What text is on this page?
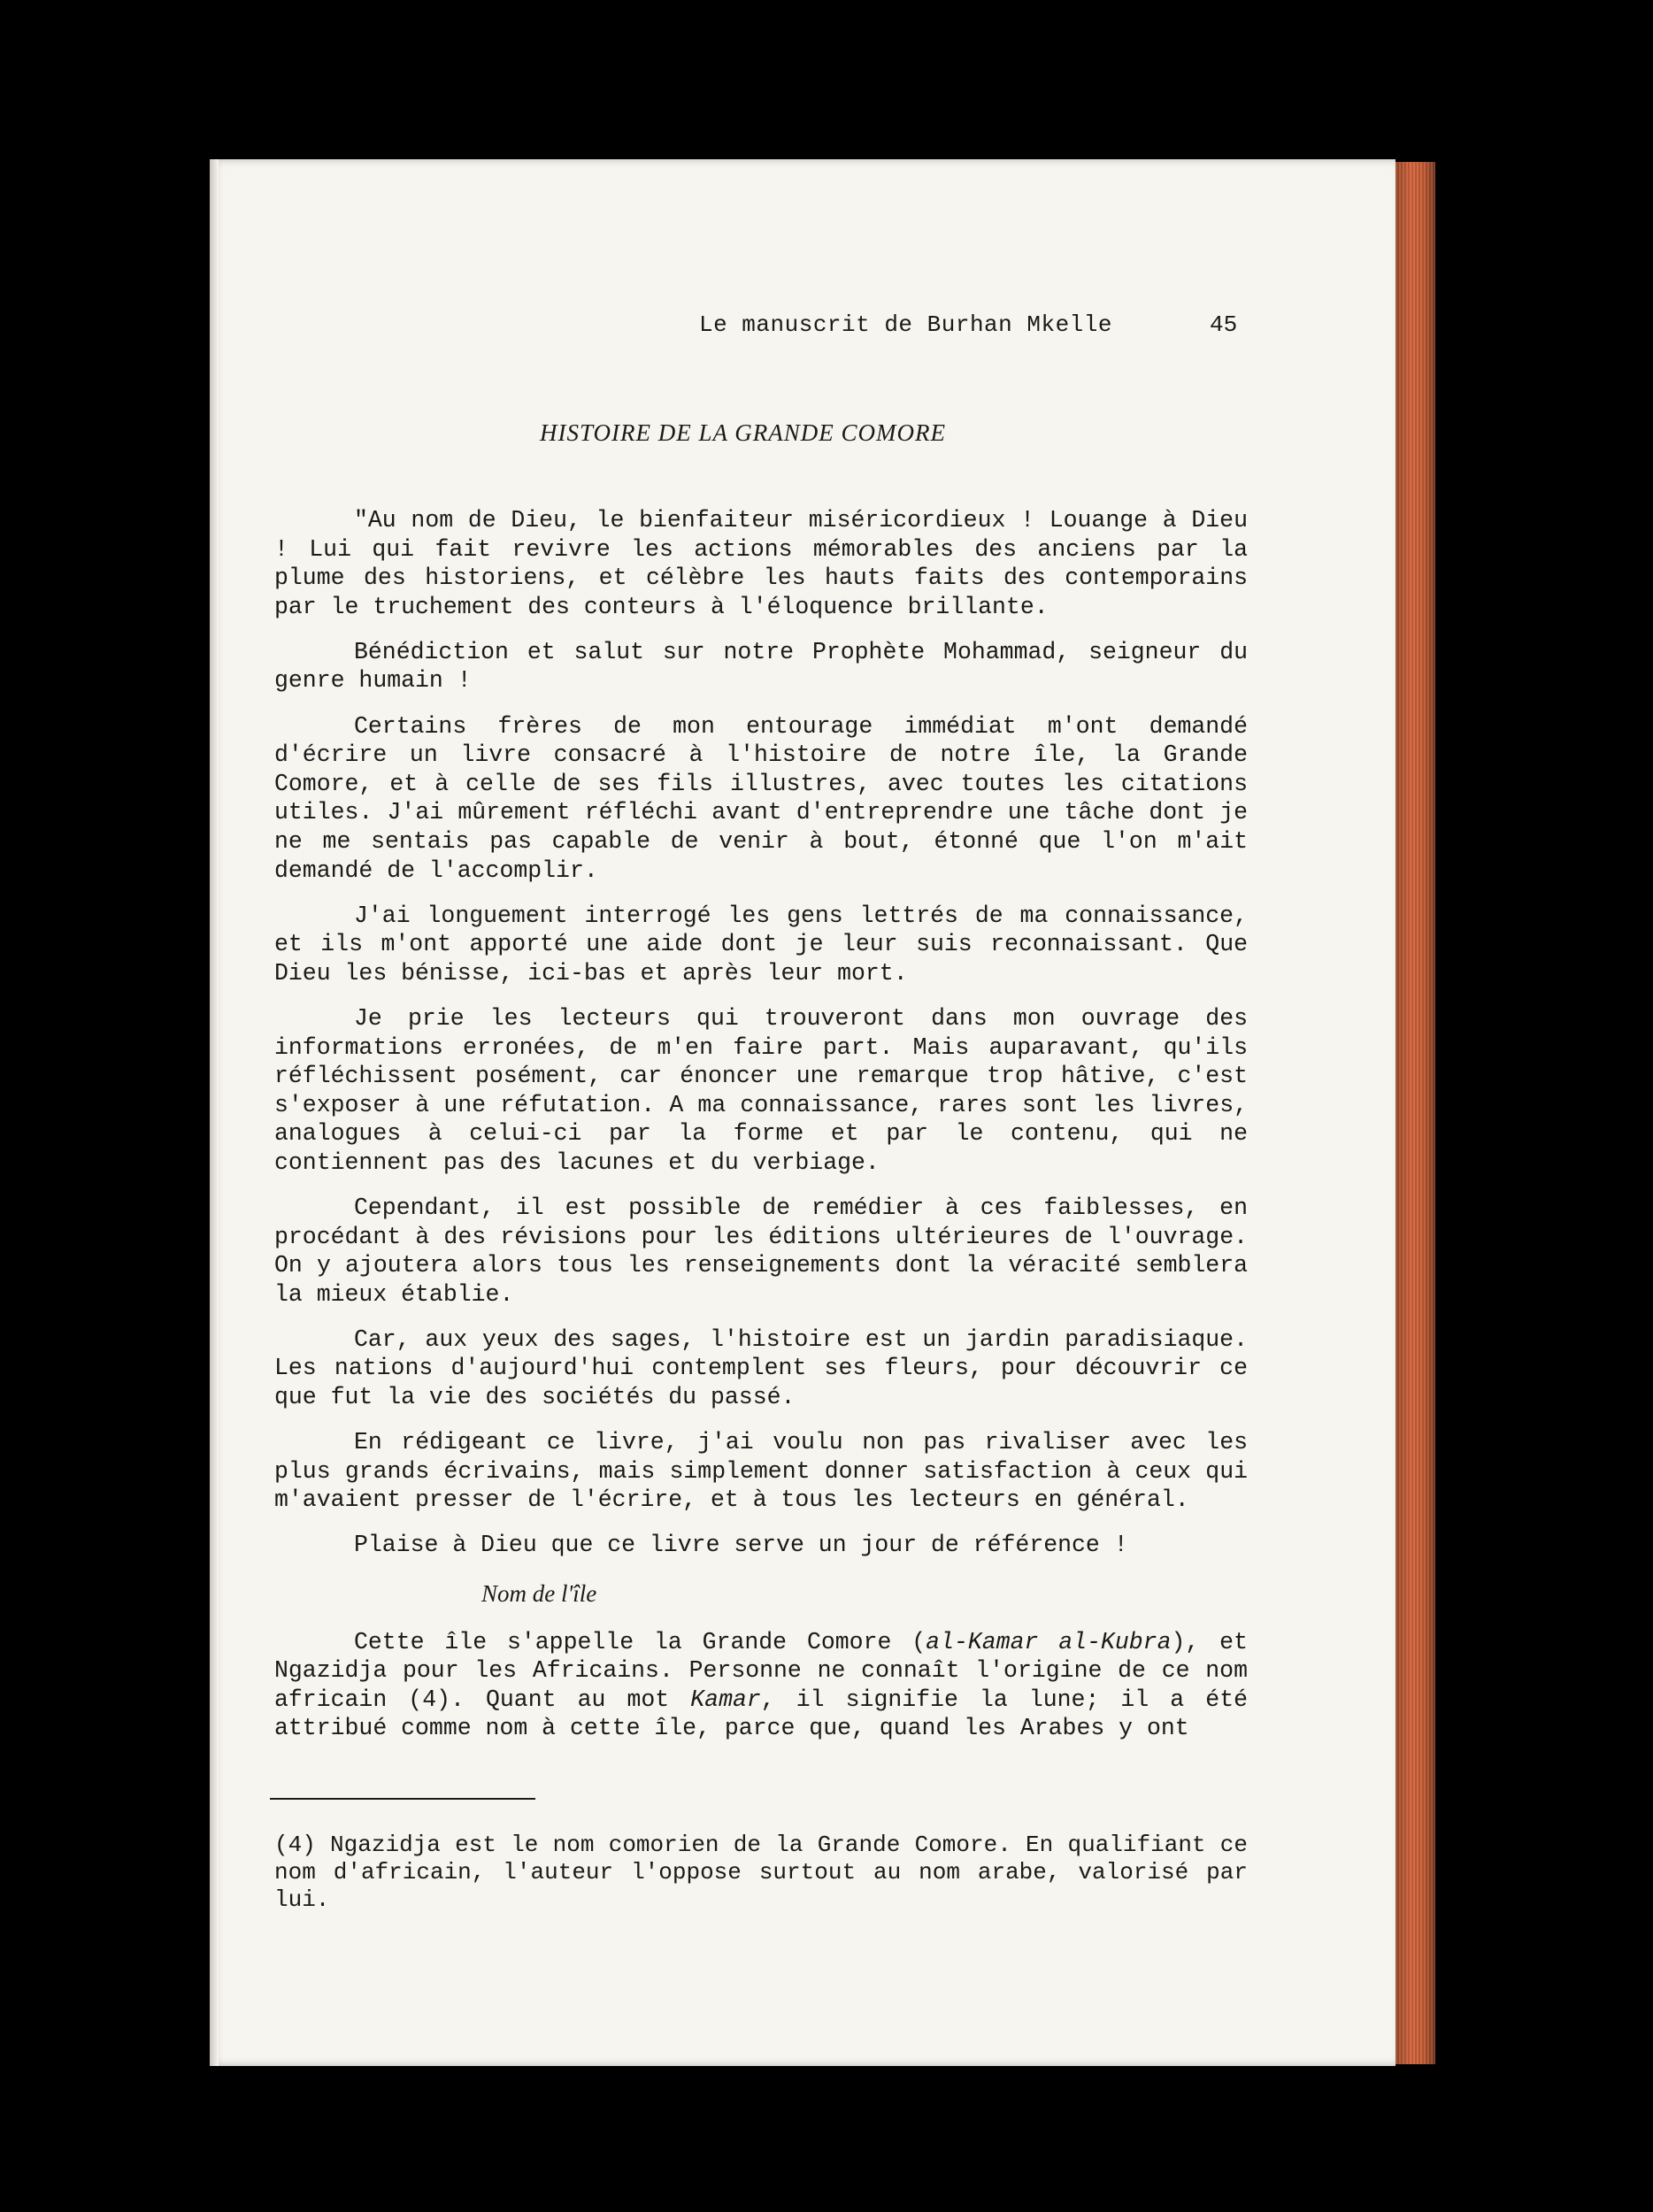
Le manuscrit de Burhan Mkelle	45
HISTOIRE DE LA GRANDE COMORE

"Au nom de Dieu, le bienfaiteur miséricordieux ! Louange à Dieu ! Lui qui fait revivre les actions mémorables des anciens par la plume des historiens, et célèbre les hauts faits des contemporains par le truchement des conteurs à l'éloquence brillante.

Bénédiction et salut sur notre Prophète Mohammad, seigneur du genre humain !

Certains frères de mon entourage immédiat m'ont demandé d'écrire un livre consacré à l'histoire de notre île, la Grande Comore, et à celle de ses fils illustres, avec toutes les citations utiles. J'ai mûrement réfléchi avant d'entreprendre une tâche dont je ne me sentais pas capable de venir à bout, étonné que l'on m'ait demandé de l'accomplir.

J'ai longuement interrogé les gens lettrés de ma connaissance, et ils m'ont apporté une aide dont je leur suis reconnaissant. Que Dieu les bénisse, ici-bas et après leur mort.

Je prie les lecteurs qui trouveront dans mon ouvrage des informations erronées, de m'en faire part. Mais auparavant, qu'ils réfléchissent posément, car énoncer une remarque trop hâtive, c'est s'exposer à une réfutation. A ma connaissance, rares sont les livres, analogues à celui-ci par la forme et par le contenu, qui ne contiennent pas des lacunes et du verbiage.

Cependant, il est possible de remédier à ces faiblesses, en procédant à des révisions pour les éditions ultérieures de l'ouvrage. On y ajoutera alors tous les renseignements dont la véracité semblera la mieux établie.

Car, aux yeux des sages, l'histoire est un jardin paradisiaque. Les nations d'aujourd'hui contemplent ses fleurs, pour découvrir ce que fut la vie des sociétés du passé.

En rédigeant ce livre, j'ai voulu non pas rivaliser avec les plus grands écrivains, mais simplement donner satisfaction à ceux qui m'avaient presser de l'écrire, et à tous les lecteurs en général.

Plaise à Dieu que ce livre serve un jour de référence !

Nom de l'île

Cette île s'appelle la Grande Comore (al-Kamar al-Kubra), et Ngazidja pour les Africains. Personne ne connaît l'origine de ce nom africain (4). Quant au mot Kamar, il signifie la lune; il a été attribué comme nom à cette île, parce que, quand les Arabes y ont

(4) Ngazidja est le nom comorien de la Grande Comore. En qualifiant ce nom d'africain, l'auteur l'oppose surtout au nom arabe, valorisé par lui.
